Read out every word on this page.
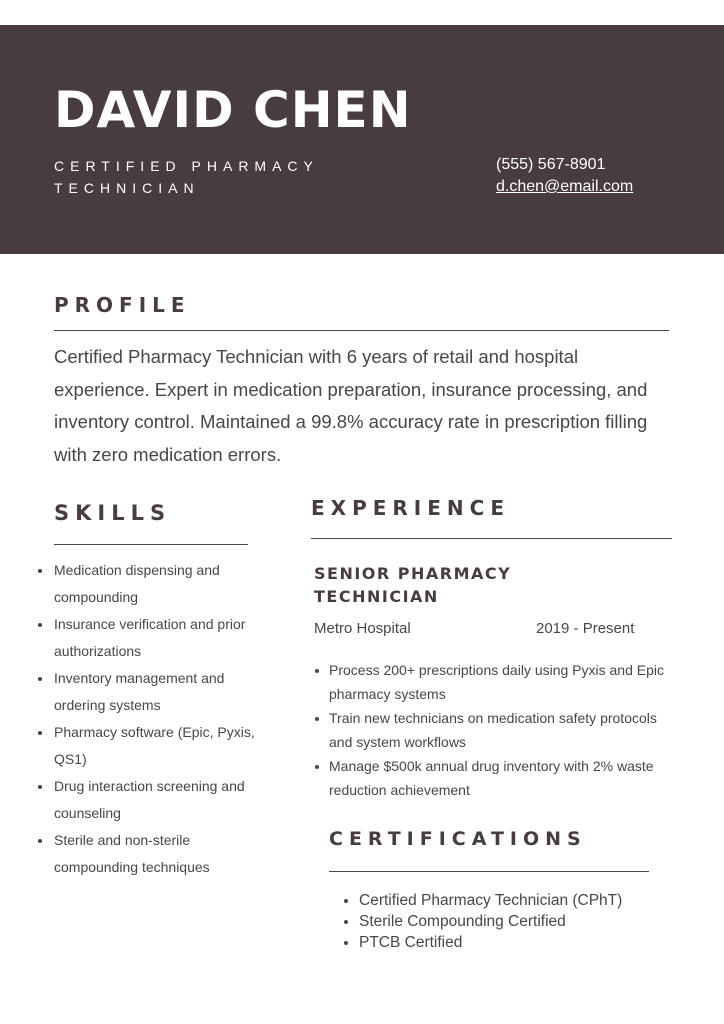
DAVID CHEN
CERTIFIED PHARMACY TECHNICIAN
(555) 567-8901
d.chen@email.com
PROFILE
Certified Pharmacy Technician with 6 years of retail and hospital experience. Expert in medication preparation, insurance processing, and inventory control. Maintained a 99.8% accuracy rate in prescription filling with zero medication errors.
SKILLS
Medication dispensing and compounding
Insurance verification and prior authorizations
Inventory management and ordering systems
Pharmacy software (Epic, Pyxis, QS1)
Drug interaction screening and counseling
Sterile and non-sterile compounding techniques
EXPERIENCE
SENIOR PHARMACY TECHNICIAN
Metro Hospital	2019 - Present
Process 200+ prescriptions daily using Pyxis and Epic pharmacy systems
Train new technicians on medication safety protocols and system workflows
Manage $500k annual drug inventory with 2% waste reduction achievement
CERTIFICATIONS
Certified Pharmacy Technician (CPhT)
Sterile Compounding Certified
PTCB Certified
